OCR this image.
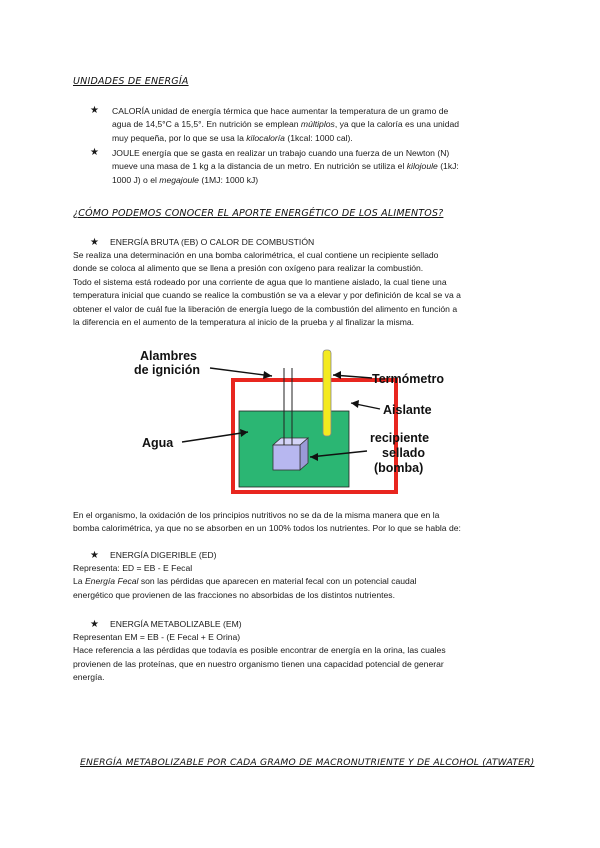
UNIDADES DE ENERGÍA
★	CALORÍA unidad de energía térmica que hace aumentar la temperatura de un gramo de
agua de 14,5°C a 15,5°. En nutrición se emplean múltiplos, ya que la caloría es una unidad
muy pequeña, por lo que se usa la kilocaloría (1kcal: 1000 cal).
★	JOULE energía que se gasta en realizar un trabajo cuando una fuerza de un Newton (N)
mueve una masa de 1 kg a la distancia de un metro. En nutrición se utiliza el kilojoule (1kJ:
1000 J) o el megajoule (1MJ: 1000 kJ)
¿CÓMO PODEMOS CONOCER EL APORTE ENERGÉTICO DE LOS ALIMENTOS?
★ ENERGÍA BRUTA (EB) O CALOR DE COMBUSTIÓN
Se realiza una determinación en una bomba calorimétrica, el cual contiene un recipiente sellado
donde se coloca al alimento que se llena a presión con oxígeno para realizar la combustión.
Todo el sistema está rodeado por una corriente de agua que lo mantiene aislado, la cual tiene una
temperatura inicial que cuando se realice la combustión se va a elevar y por definición de kcal se va a
obtener el valor de cuál fue la liberación de energía luego de la combustión del alimento en función a
la diferencia en el aumento de la temperatura al inicio de la prueba y al finalizar la misma.
Alambres
de ignición
Termómetro
Aislante
Agua	recipiente
sellado
(bomba)
En el organismo, la oxidación de los principios nutritivos no se da de la misma manera que en la
bomba calorimétrica, ya que no se absorben en un 100% todos los nutrientes. Por lo que se habla de:
★ ENERGÍA DIGERIBLE (ED)
Representa: ED = EB - E Fecal
La Energía Fecal son las pérdidas que aparecen en material fecal con un potencial caudal
energético que provienen de las fracciones no absorbidas de los distintos nutrientes.
★ ENERGÍA METABOLIZABLE (EM)
Representan EM = EB - (E Fecal + E Orina)
Hace referencia a las pérdidas que todavía es posible encontrar de energía en la orina, las cuales
provienen de las proteínas, que en nuestro organismo tienen una capacidad potencial de generar
energía.
ENERGÍA METABOLIZABLE POR CADA GRAMO DE MACRONUTRIENTE Y DE ALCOHOL (ATWATER)
